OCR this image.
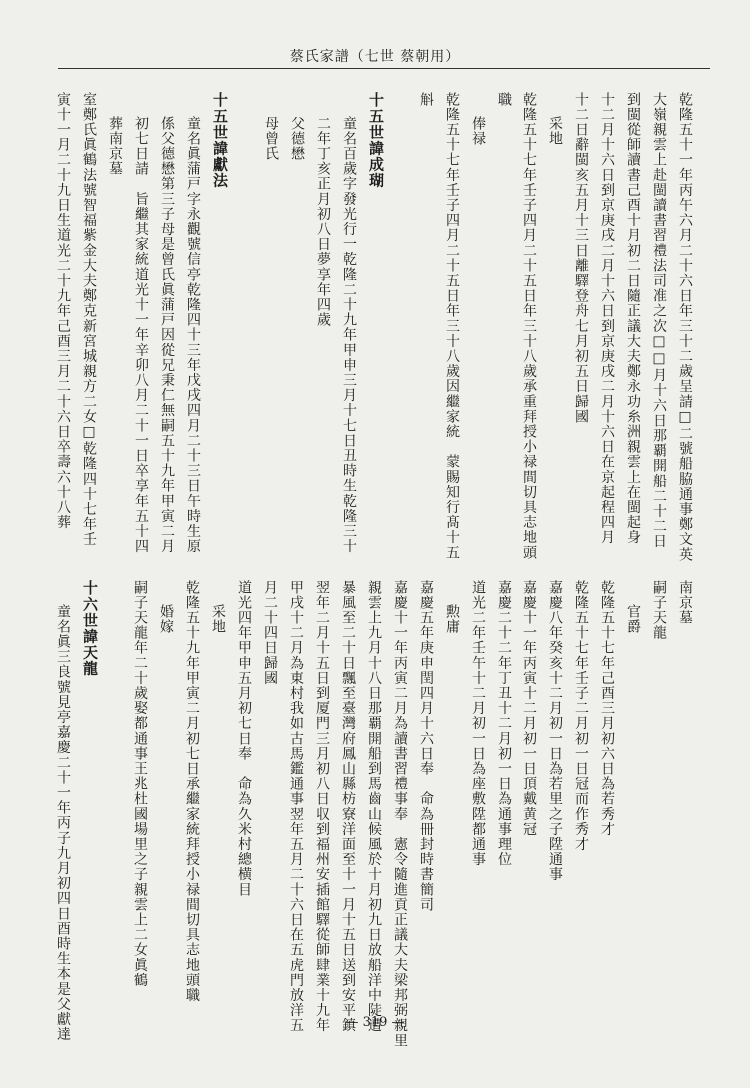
蔡氏家譜（七世 蔡朝用）
乾隆五十一年丙午六月二十六日年三十二歲呈請□二號船脇通事鄭文英
大嶺親雲上赴閩讀書習禮法司准之次□□月十六日那覇開船二十二日
到閩從師讀書己酉十月初二日隨正議大夫鄭永功糸洲親雲上在閩起身
十二月十六日到京庚戌二月十六日到京庚戌二月十六日在京起程四月
十二日辭閩亥五月十三日離驛登舟七月初五日歸國
采地
乾隆五十七年壬子四月二十五日年三十八歲承重拜授小禄間切具志地頭
職
俸禄
乾隆五十七年壬子四月二十五日年三十八歲因繼家統　蒙賜知行髙十五
斛
十五世諱成瑚
童名百歲字發光行一乾隆二十九年甲申三月十七日丑時生乾隆三十
二年丁亥正月初八日夢享年四歲
父德懋
母曾氏
十五世諱獻法
童名眞蒲戸字永觀號信亭乾隆四十三年戊戌四月二十三日午時生原
係父德懋第三子母是曾氏眞蒲戸因從兄秉仁無嗣五十九年甲寅二月
初七日請　旨繼其家統道光十一年辛卯八月二十一日卒享年五十四
葬南京墓
室鄭氏眞鶴法號智福紫金大夫鄭克新宮城親方二女□乾隆四十七年壬
寅十一月二十九日生道光二十九年己酉三月二十六日卒壽六十八葬
南京墓
嗣子天龍
官爵
乾隆五十七年己酉三月初六日為若秀才
乾隆五十七年壬子二月初一日冠而作秀才
嘉慶八年癸亥十二月初一日為若里之子陞通事
嘉慶十一年丙寅十二月初一日頂戴黄冠
嘉慶二十二年丁丑十二月初一日為通事理位
道光二年壬午十二月初一日為座敷陞都通事
勲庸
嘉慶五年庚申閏四月十六日奉　命為冊封時書簡司
嘉慶十一年丙寅二月為讀書習禮事奉　憲令隨進貢正議大夫梁邦弼親里
親雲上九月十八日那覇開船到馬齒山候風於十月初九日放船洋中陡遭
暴風至二十日飄至臺灣府鳳山縣枋寮洋面至十一月十五日送到安平鎮
翌年二月十五日到厦門三月初八日収到福州安插館驛從師肆業十九年
甲戌十二月為東村我如古馬鑑通事翌年五月二十六日在五虎門放洋五
月二十四日歸國
道光四年甲申五月初七日奉　命為久米村總横目
采地
乾隆五十九年甲寅二月初七日承繼家統拜授小禄間切具志地頭職
婚嫁
嗣子天龍年二十歲娶都通事王兆杜國場里之子親雲上二女眞鶴
十六世諱天龍
童名眞三良號見亭嘉慶二十一年丙子九月初四日酉時生本是父獻達	— 319 —
